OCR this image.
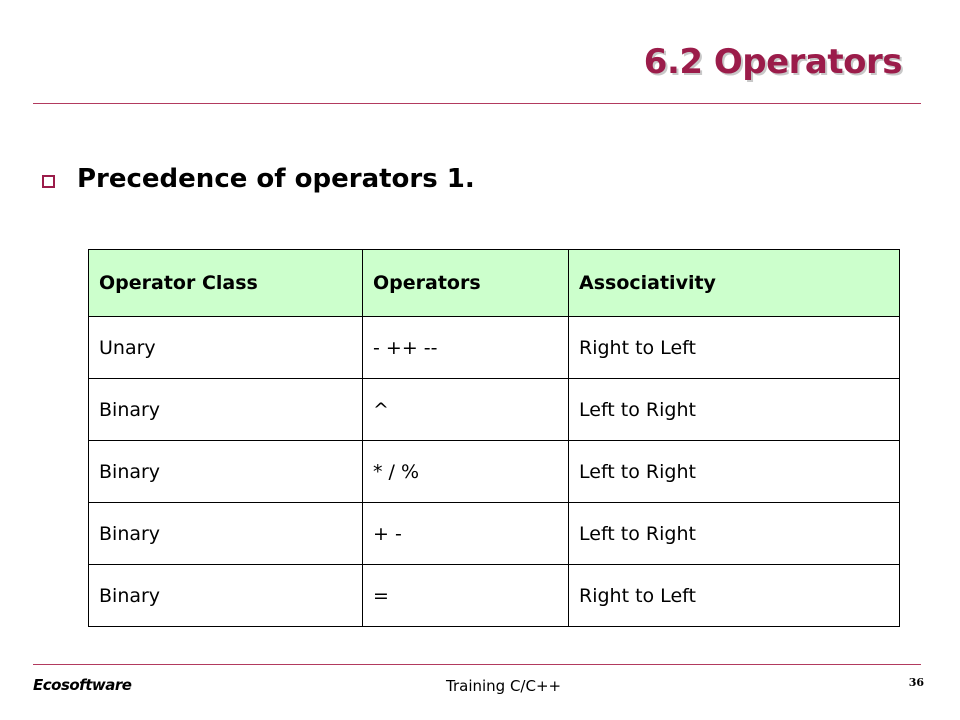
6.2 Operators
Precedence of operators 1.
Operator Class	Operators	Associativity
Unary	- ++ --	Right to Left
Binary	^	Left to Right
Binary	* / %	Left to Right
Binary	+ -	Left to Right
Binary	=	Right to Left
Ecosoftware	Training C/C++	36
